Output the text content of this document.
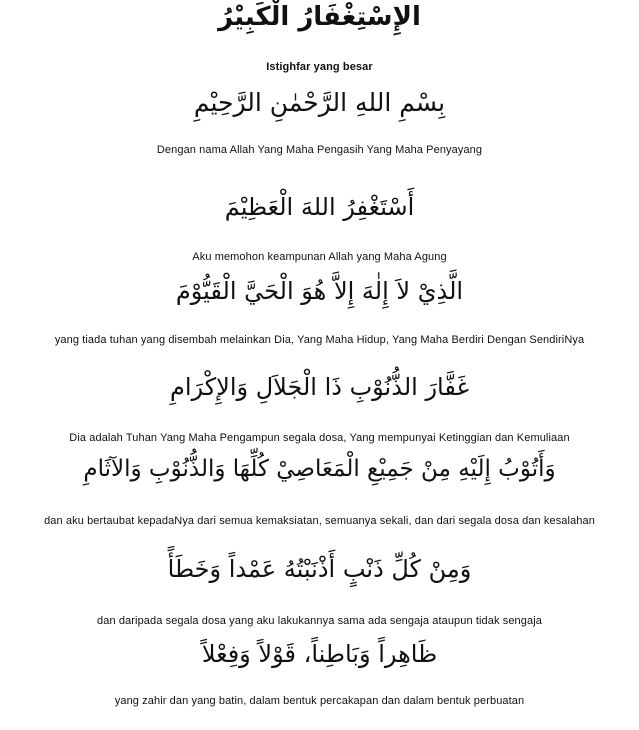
الإِسْتِغْفَارُ الْكَبِيْرُ
Istighfar yang besar
بِسْمِ اللهِ الرَّحْمٰنِ الرَّحِيْمِ
Dengan nama Allah Yang Maha Pengasih Yang Maha Penyayang
أَسْتَغْفِرُ اللهَ الْعَظِيْمَ
Aku memohon keampunan Allah yang Maha Agung
الَّذِيْ لاَ إِلٰهَ إِلاَّ هُوَ الْحَيَّ الْقَيُّوْمَ
yang tiada tuhan yang disembah melainkan Dia, Yang Maha Hidup, Yang Maha Berdiri Dengan SendiriNya
غَفَّارَ الذُّنُوْبِ ذَا الْجَلاَلِ وَالإِكْرَامِ
Dia adalah Tuhan Yang Maha Pengampun segala dosa, Yang mempunyai Ketinggian dan Kemuliaan
وَأَتُوْبُ إِلَيْهِ مِنْ جَمِيْعِ الْمَعَاصِيْ كُلِّهَا وَالذُّنُوْبِ وَالآثَامِ
dan aku bertaubat kepadaNya dari semua kemaksiatan, semuanya sekali, dan dari segala dosa dan kesalahan
وَمِنْ كُلِّ ذَنْبٍ أَذْنَبْتُهُ عَمْداً وَخَطَأً
dan daripada segala dosa yang aku lakukannya sama ada sengaja ataupun tidak sengaja
ظَاهِراً وَبَاطِناً، قَوْلاً وَفِعْلاً
yang zahir dan yang batin, dalam bentuk percakapan dan dalam bentuk perbuatan
